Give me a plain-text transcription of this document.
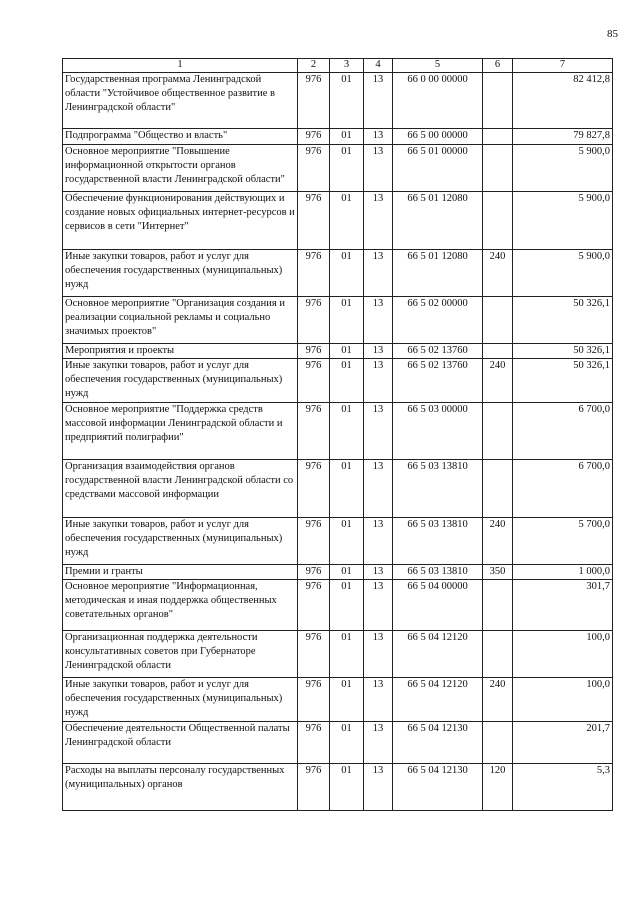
85
1	2	3	4	5	6	7
Государственная программа Ленинградской области "Устойчивое общественное развитие в Ленинградской области"	976	01	13	66 0 00 00000		82 412,8
Подпрограмма "Общество и власть"	976	01	13	66 5 00 00000		79 827,8
Основное мероприятие "Повышение информационной открытости органов государственной власти Ленинградской области"	976	01	13	66 5 01 00000		5 900,0
Обеспечение функционирования действующих и создание новых официальных интернет-ресурсов и сервисов в сети "Интернет"	976	01	13	66 5 01 12080		5 900,0
Иные закупки товаров, работ и услуг для обеспечения государственных (муниципальных) нужд	976	01	13	66 5 01 12080	240	5 900,0
Основное мероприятие "Организация создания и реализации социальной рекламы и социально значимых проектов"	976	01	13	66 5 02 00000		50 326,1
Мероприятия и проекты	976	01	13	66 5 02 13760		50 326,1
Иные закупки товаров, работ и услуг для обеспечения государственных (муниципальных) нужд	976	01	13	66 5 02 13760	240	50 326,1
Основное мероприятие "Поддержка средств массовой информации Ленинградской области и предприятий полиграфии"	976	01	13	66 5 03 00000		6 700,0
Организация взаимодействия органов государственной власти Ленинградской области со средствами массовой информации	976	01	13	66 5 03 13810		6 700,0
Иные закупки товаров, работ и услуг для обеспечения государственных (муниципальных) нужд	976	01	13	66 5 03 13810	240	5 700,0
Премии и гранты	976	01	13	66 5 03 13810	350	1 000,0
Основное мероприятие "Информационная, методическая и иная поддержка общественных советательных органов"	976	01	13	66 5 04 00000		301,7
Организационная поддержка деятельности консультативных советов при Губернаторе Ленинградской области	976	01	13	66 5 04 12120		100,0
Иные закупки товаров, работ и услуг для обеспечения государственных (муниципальных) нужд	976	01	13	66 5 04 12120	240	100,0
Обеспечение деятельности Общественной палаты Ленинградской области	976	01	13	66 5 04 12130		201,7
Расходы на выплаты персоналу государственных (муниципальных) органов	976	01	13	66 5 04 12130	120	5,3
